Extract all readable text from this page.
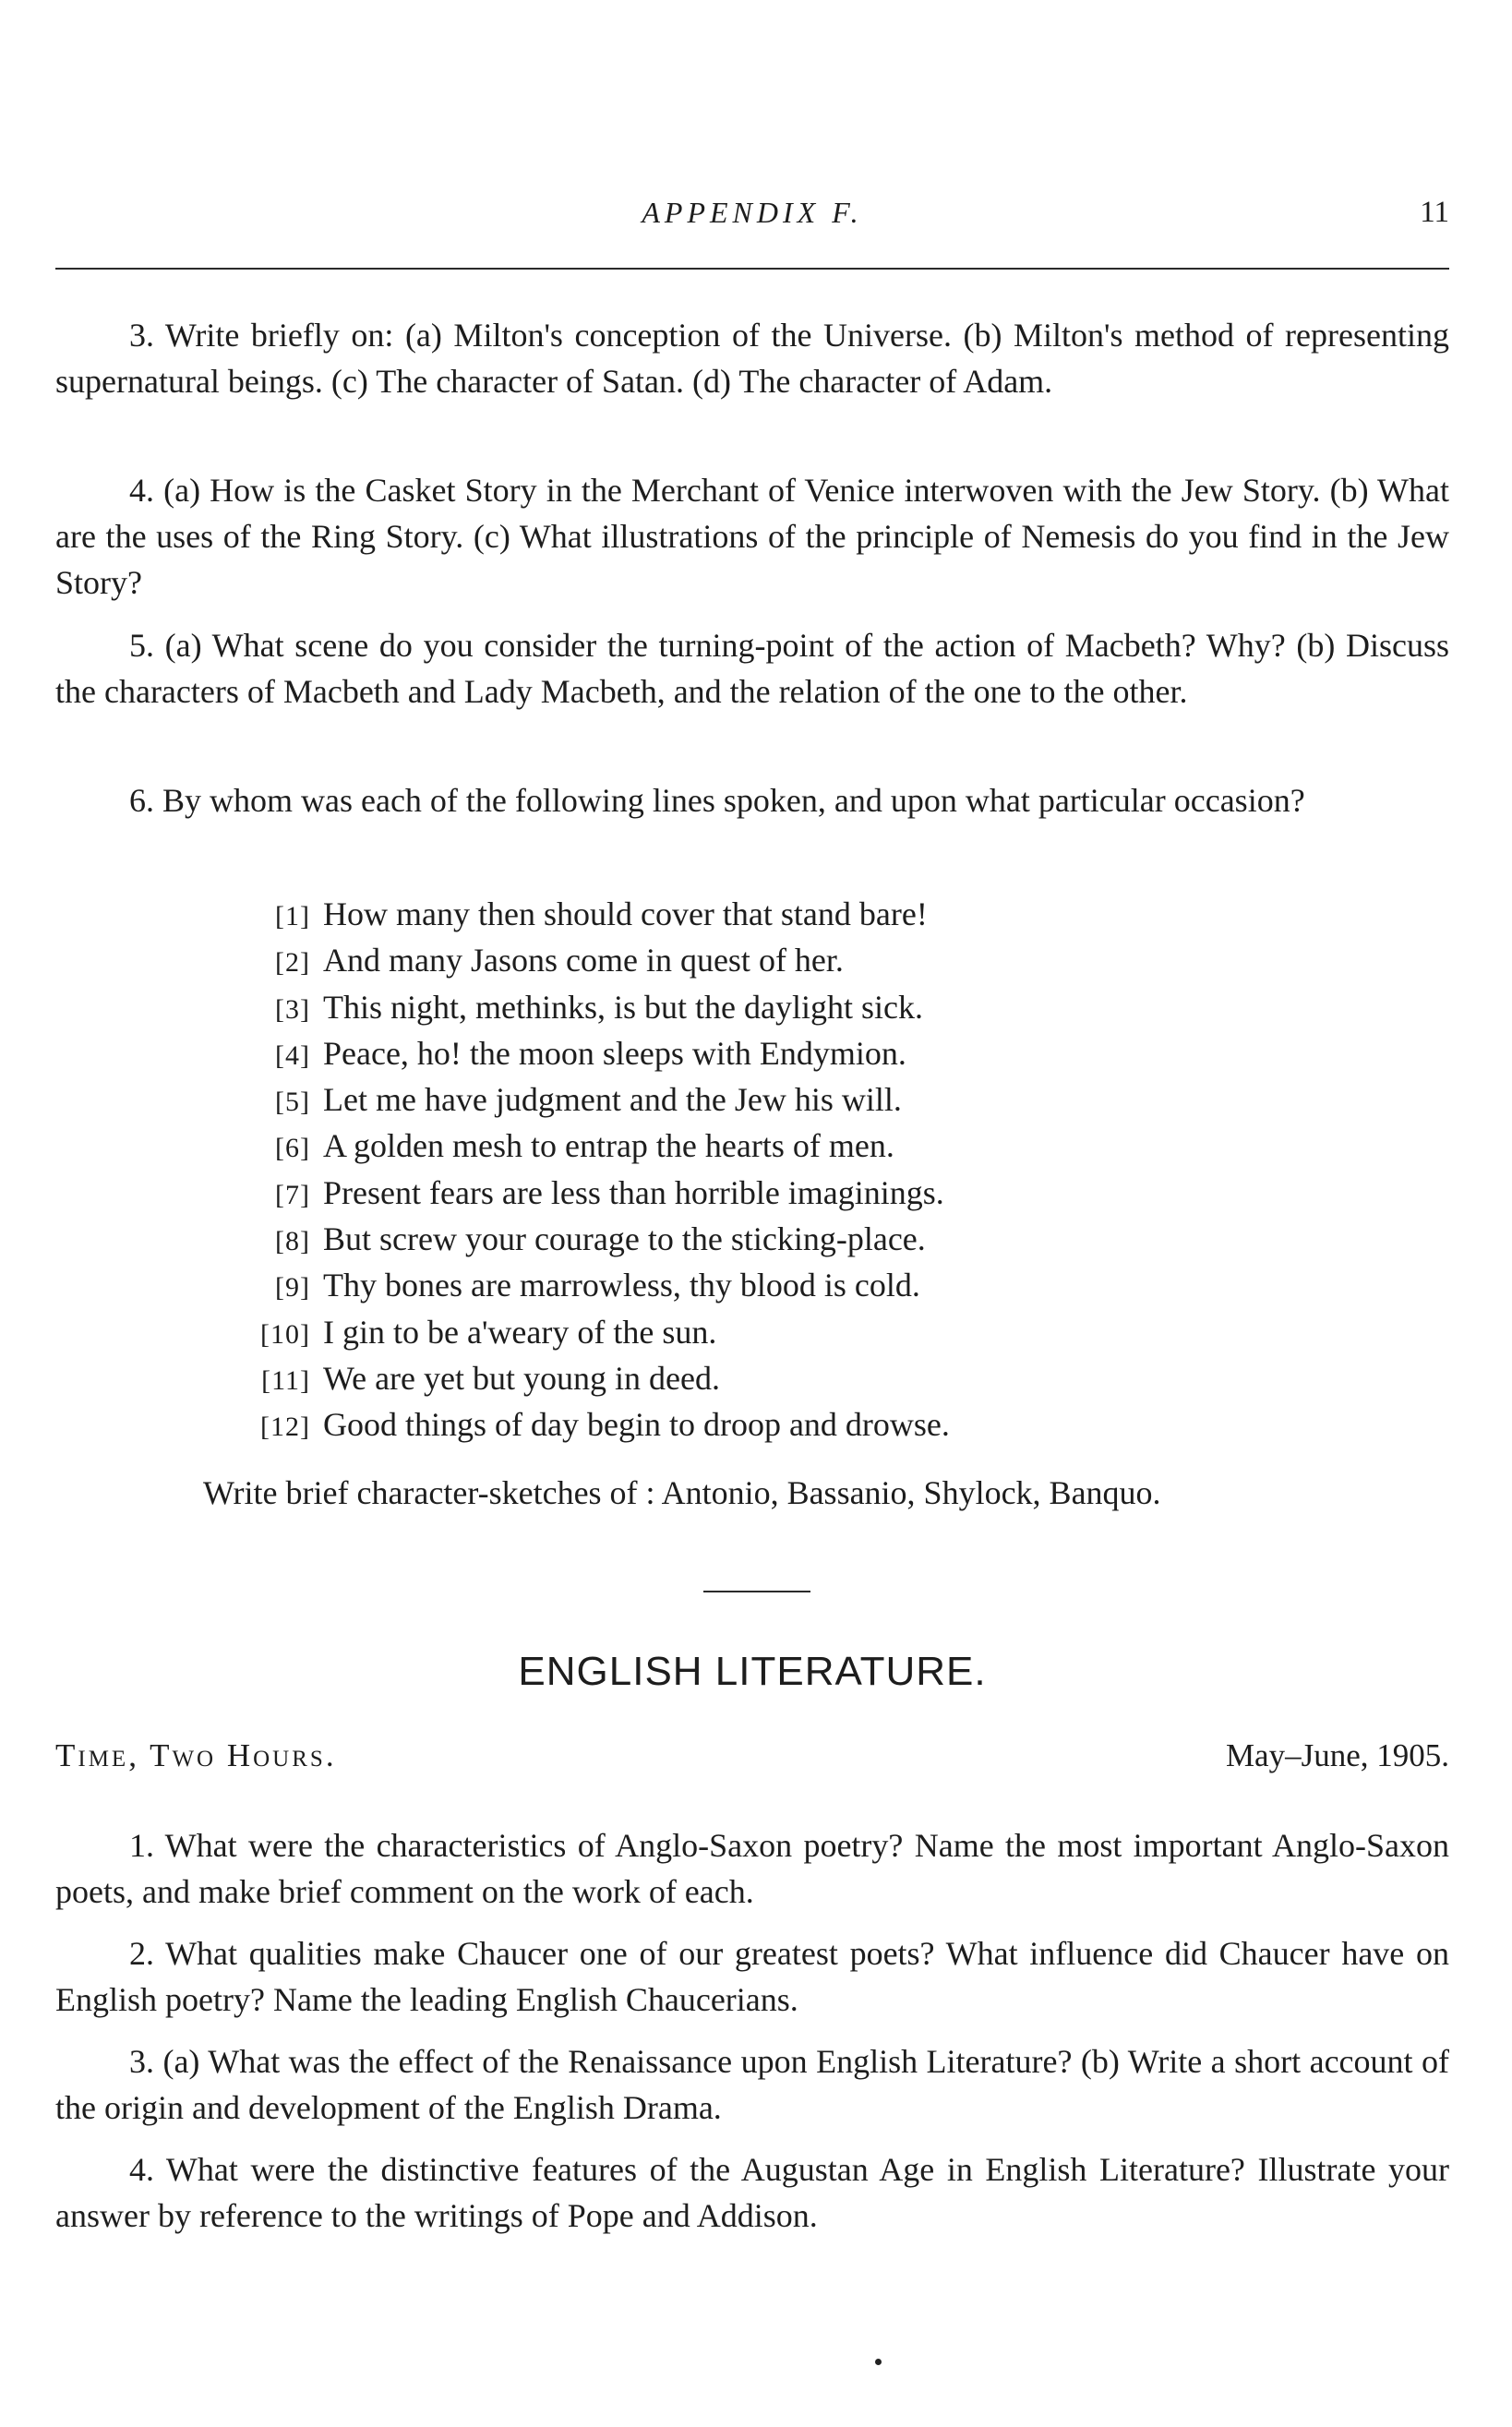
APPENDIX F.	11

3. Write briefly on: (a) Milton's conception of the Universe. (b) Milton's method of representing supernatural beings. (c) The character of Satan. (d) The character of Adam.

4. (a) How is the Casket Story in the Merchant of Venice interwoven with the Jew Story. (b) What are the uses of the Ring Story. (c) What illustrations of the principle of Nemesis do you find in the Jew Story?

5. (a) What scene do you consider the turning-point of the action of Macbeth? Why? (b) Discuss the characters of Macbeth and Lady Macbeth, and the relation of the one to the other.

6. By whom was each of the following lines spoken, and upon what particular occasion?

[1] How many then should cover that stand bare!
[2] And many Jasons come in quest of her.
[3] This night, methinks, is but the daylight sick.
[4] Peace, ho! the moon sleeps with Endymion.
[5] Let me have judgment and the Jew his will.
[6] A golden mesh to entrap the hearts of men.
[7] Present fears are less than horrible imaginings.
[8] But screw your courage to the sticking-place.
[9] Thy bones are marrowless, thy blood is cold.
[10] I gin to be a'weary of the sun.
[11] We are yet but young in deed.
[12] Good things of day begin to droop and drowse.

Write brief character-sketches of : Antonio, Bassanio, Shylock, Banquo.

ENGLISH LITERATURE.
Time, Two Hours.	May–June, 1905.

1. What were the characteristics of Anglo-Saxon poetry? Name the most important Anglo-Saxon poets, and make brief comment on the work of each.

2. What qualities make Chaucer one of our greatest poets? What influence did Chaucer have on English poetry? Name the leading English Chaucerians.

3. (a) What was the effect of the Renaissance upon English Literature? (b) Write a short account of the origin and development of the English Drama.

4. What were the distinctive features of the Augustan Age in English Literature? Illustrate your answer by reference to the writings of Pope and Addison.
